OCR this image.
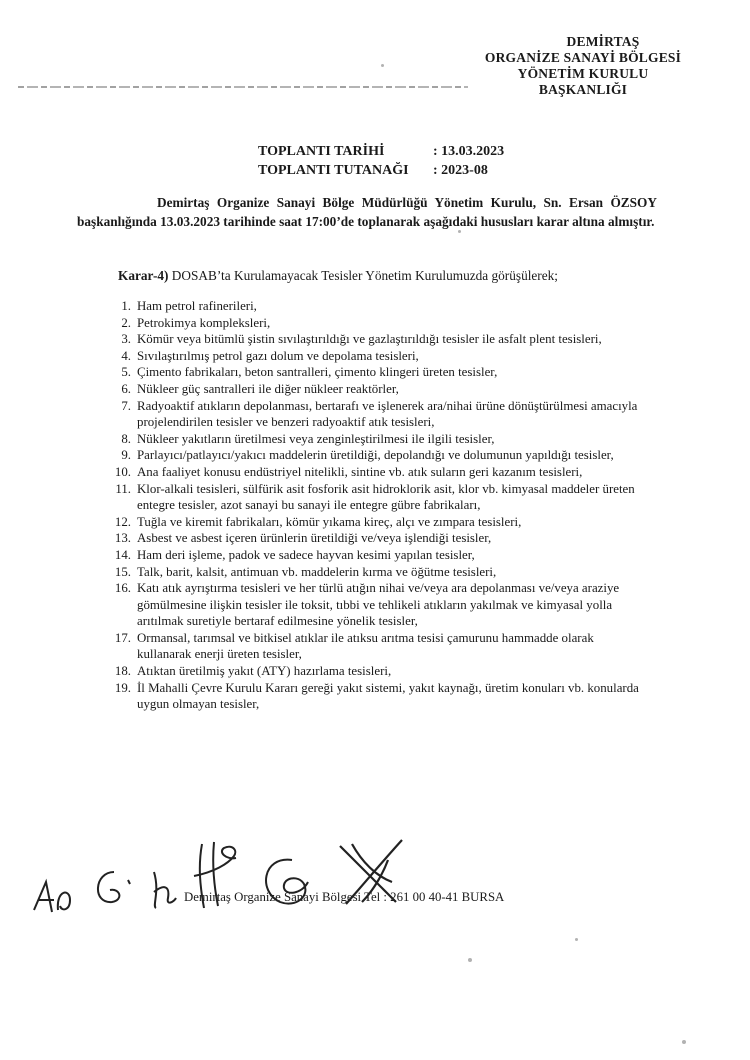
DEMİRTAŞ
ORGANİZE SANAYİ BÖLGESİ
YÖNETİM KURULU
BAŞKANLIĞI
TOPLANTI TARİHİ	: 13.03.2023
TOPLANTI TUTANAĞI	: 2023-08
Demirtaş Organize Sanayi Bölge Müdürlüğü Yönetim Kurulu, Sn. Ersan ÖZSOY başkanlığında 13.03.2023 tarihinde saat 17:00’de toplanarak aşağıdaki hususları karar altına almıştır.
Karar-4) DOSAB’ta Kurulamayacak Tesisler Yönetim Kurulumuzda görüşülerek;
1. Ham petrol rafinerileri,
2. Petrokimya kompleksleri,
3. Kömür veya bitümlü şistin sıvılaştırıldığı ve gazlaştırıldığı tesisler ile asfalt plent tesisleri,
4. Sıvılaştırılmış petrol gazı dolum ve depolama tesisleri,
5. Çimento fabrikaları, beton santralleri, çimento klingeri üreten tesisler,
6. Nükleer güç santralleri ile diğer nükleer reaktörler,
7. Radyoaktif atıkların depolanması, bertarafı ve işlenerek ara/nihai ürüne dönüştürülmesi amacıyla projelendirilen tesisler ve benzeri radyoaktif atık tesisleri,
8. Nükleer yakıtların üretilmesi veya zenginleştirilmesi ile ilgili tesisler,
9. Parlayıcı/patlayıcı/yakıcı maddelerin üretildiği, depolandığı ve dolumunun yapıldığı tesisler,
10. Ana faaliyet konusu endüstriyel nitelikli, sintine vb. atık suların geri kazanım tesisleri,
11. Klor-alkali tesisleri, sülfürik asit fosforik asit hidroklorik asit, klor vb. kimyasal maddeler üreten entegre tesisler, azot sanayi bu sanayi ile entegre gübre fabrikaları,
12. Tuğla ve kiremit fabrikaları, kömür yıkama kireç, alçı ve zımpara tesisleri,
13. Asbest ve asbest içeren ürünlerin üretildiği ve/veya işlendiği tesisler,
14. Ham deri işleme, padok ve sadece hayvan kesimi yapılan tesisler,
15. Talk, barit, kalsit, antimuan vb. maddelerin kırma ve öğütme tesisleri,
16. Katı atık ayrıştırma tesisleri ve her türlü atığın nihai ve/veya ara depolanması ve/veya araziye gömülmesine ilişkin tesisler ile toksit, tıbbi ve tehlikeli atıkların yakılmak ve kimyasal yolla arıtılmak suretiyle bertaraf edilmesine yönelik tesisler,
17. Ormansal, tarımsal ve bitkisel atıklar ile atıksu arıtma tesisi çamurunu hammadde olarak kullanarak enerji üreten tesisler,
18. Atıktan üretilmiş yakıt (ATY) hazırlama tesisleri,
19. İl Mahalli Çevre Kurulu Kararı gereği yakıt sistemi, yakıt kaynağı, üretim konuları vb. konularda uygun olmayan tesisler,
Demirtaş Organize Sanayi Bölgesi Tel : 261 00 40-41 BURSA
